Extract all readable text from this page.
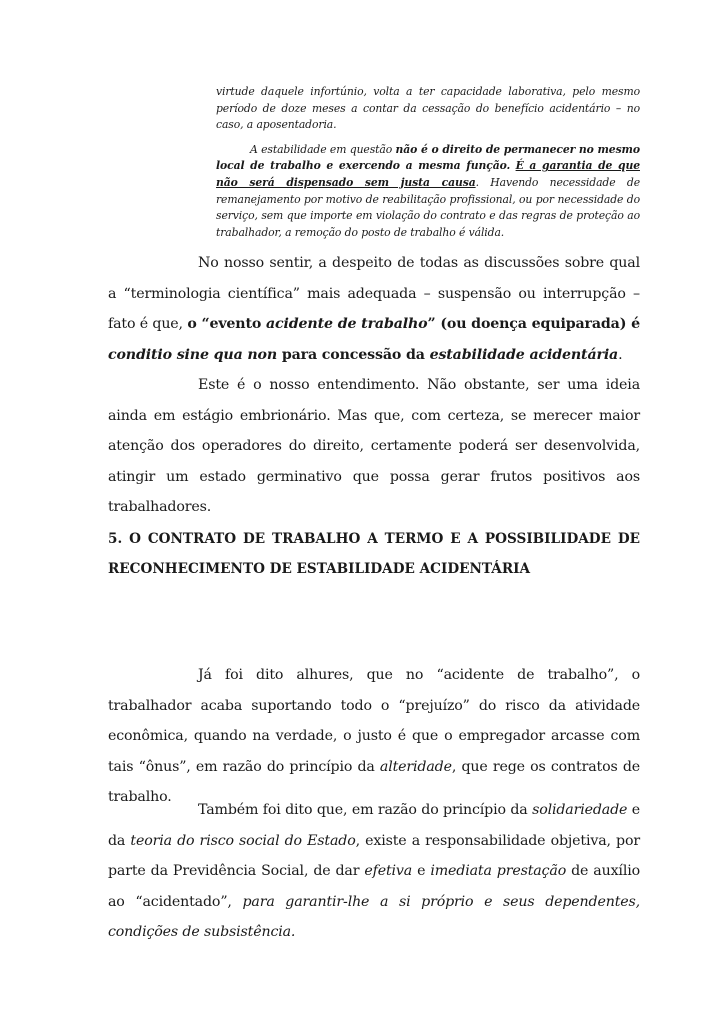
virtude daquele infortúnio, volta a ter capacidade laborativa, pelo mesmo período de doze meses a contar da cessação do benefício acidentário – no caso, a aposentadoria.

A estabilidade em questão não é o direito de permanecer no mesmo local de trabalho e exercendo a mesma função. É a garantia de que não será dispensado sem justa causa. Havendo necessidade de remanejamento por motivo de reabilitação profissional, ou por necessidade do serviço, sem que importe em violação do contrato e das regras de proteção ao trabalhador, a remoção do posto de trabalho é válida.

No nosso sentir, a despeito de todas as discussões sobre qual a “terminologia científica” mais adequada – suspensão ou interrupção – fato é que, o “evento acidente de trabalho” (ou doença equiparada) é conditio sine qua non para concessão da estabilidade acidentária.

Este é o nosso entendimento. Não obstante, ser uma ideia ainda em estágio embrionário. Mas que, com certeza, se merecer maior atenção dos operadores do direito, certamente poderá ser desenvolvida, atingir um estado germinativo que possa gerar frutos positivos aos trabalhadores.

5. O CONTRATO DE TRABALHO A TERMO E A POSSIBILIDADE DE RECONHECIMENTO DE ESTABILIDADE ACIDENTÁRIA

Já foi dito alhures, que no “acidente de trabalho”, o trabalhador acaba suportando todo o “prejuízo” do risco da atividade econômica, quando na verdade, o justo é que o empregador arcasse com tais “ônus”, em razão do princípio da alteridade, que rege os contratos de trabalho.

Também foi dito que, em razão do princípio da solidariedade e da teoria do risco social do Estado, existe a responsabilidade objetiva, por parte da Previdência Social, de dar efetiva e imediata prestação de auxílio ao “acidentado”, para garantir-lhe a si próprio e seus dependentes, condições de subsistência.
